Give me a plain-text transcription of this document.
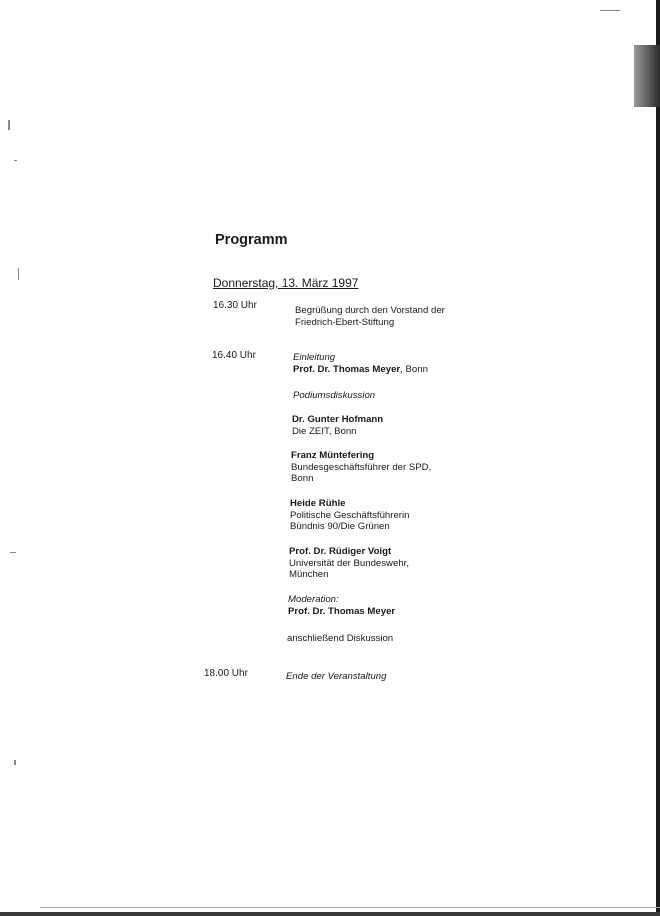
Programm
Donnerstag, 13. März 1997
16.30 Uhr	Begrüßung durch den Vorstand der
Friedrich-Ebert-Stiftung
16.40 Uhr	Einleitung
Prof. Dr. Thomas Meyer, Bonn
Podiumsdiskussion
Dr. Gunter Hofmann
Die ZEIT, Bonn
Franz Müntefering
Bundesgeschäftsführer der SPD,
Bonn
Heide Rühle
Politische Geschäftsführerin
Bündnis 90/Die Grünen
Prof. Dr. Rüdiger Voigt
Universität der Bundeswehr,
München
Moderation:
Prof. Dr. Thomas Meyer
anschließend Diskussion
18.00 Uhr	Ende der Veranstaltung
